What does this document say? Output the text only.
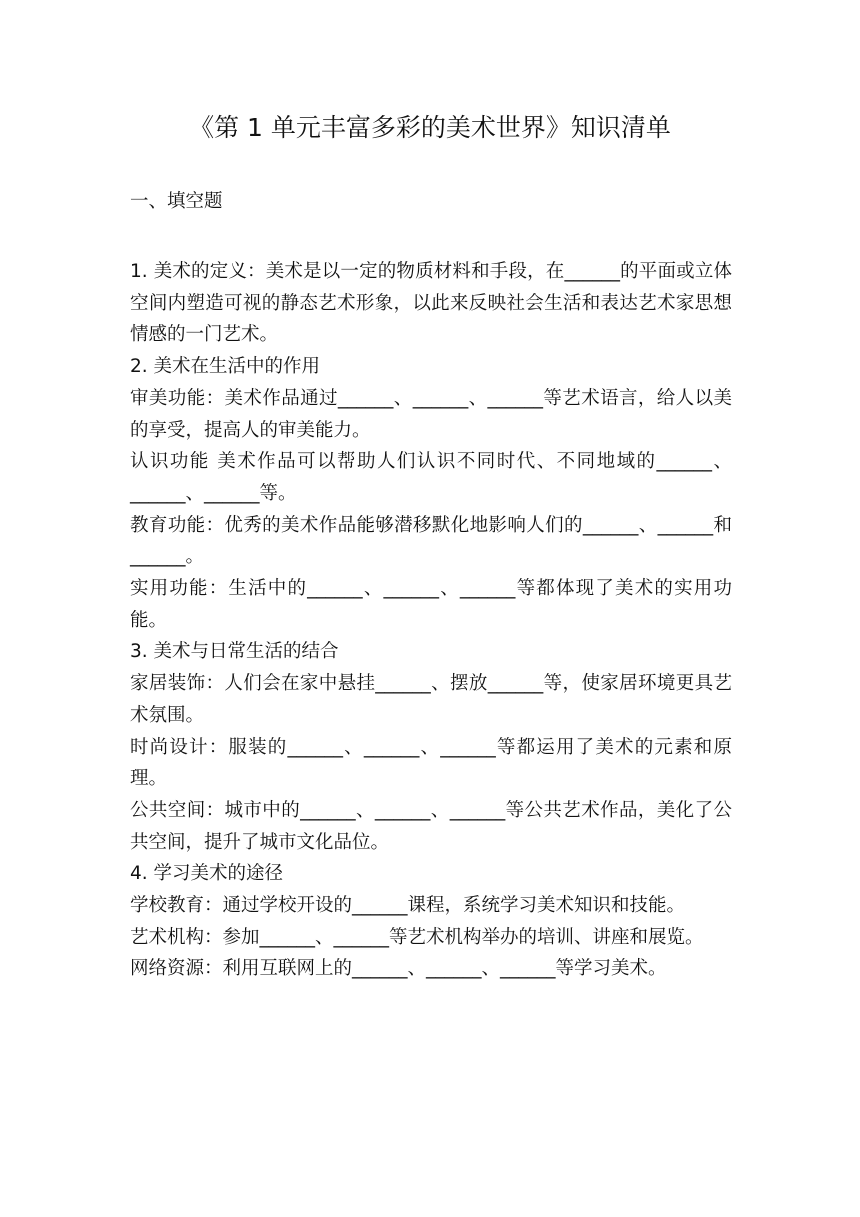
《第 1 单元丰富多彩的美术世界》知识清单
一、填空题

1. 美术的定义：美术是以一定的物质材料和手段，在______的平面或立体空间内塑造可视的静态艺术形象，以此来反映社会生活和表达艺术家思想情感的一门艺术。

2. 美术在生活中的作用

审美功能：美术作品通过______、______、______等艺术语言，给人以美的享受，提高人的审美能力。

认识功能 美术作品可以帮助人们认识不同时代、不同地域的______、______、______等。

教育功能：优秀的美术作品能够潜移默化地影响人们的______、______和______。

实用功能：生活中的______、______、______等都体现了美术的实用功能。

3. 美术与日常生活的结合

家居装饰：人们会在家中悬挂______、摆放______等，使家居环境更具艺术氛围。

时尚设计：服装的______、______、______等都运用了美术的元素和原理。

公共空间：城市中的______、______、______等公共艺术作品，美化了公共空间，提升了城市文化品位。

4. 学习美术的途径

学校教育：通过学校开设的______课程，系统学习美术知识和技能。

艺术机构：参加______、______等艺术机构举办的培训、讲座和展览。

网络资源：利用互联网上的______、______、______等学习美术。
